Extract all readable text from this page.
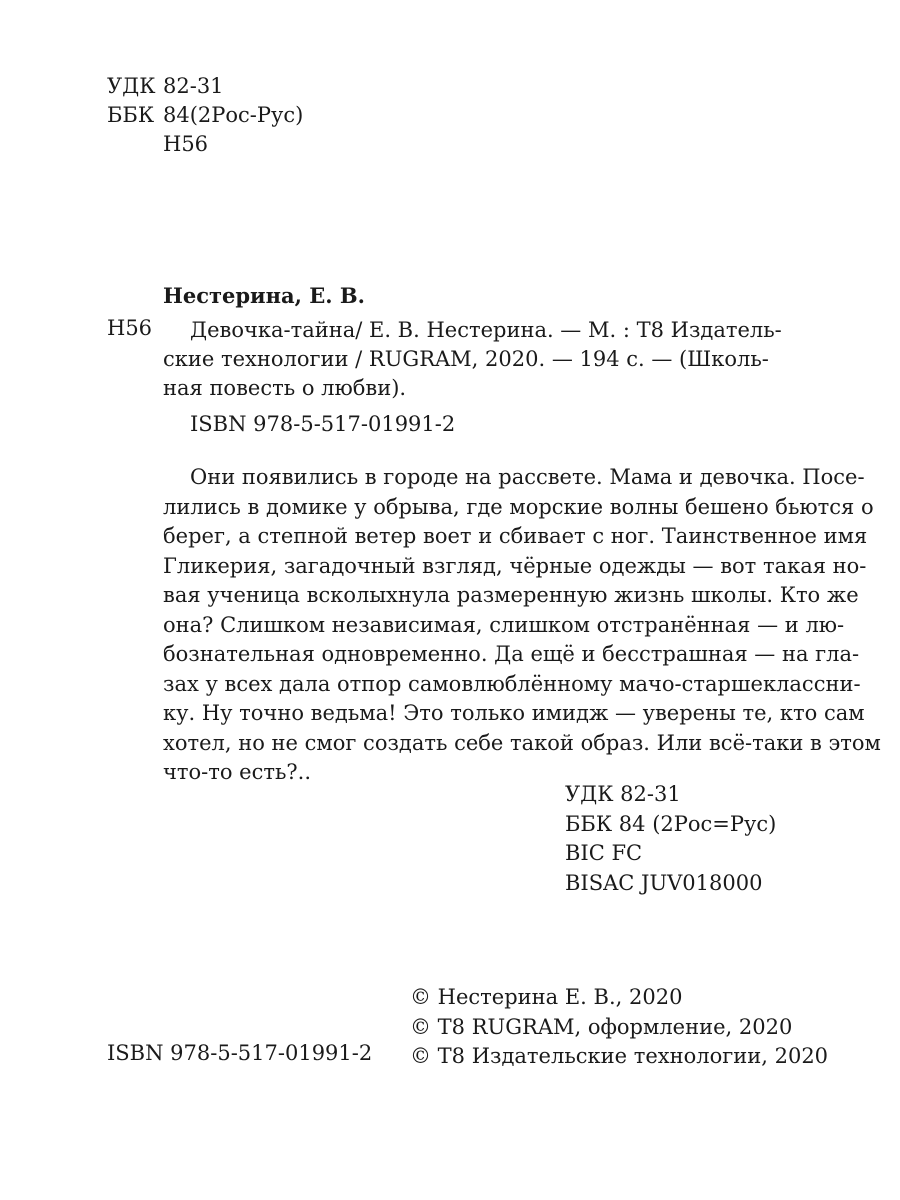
УДК 82-31
ББК 84(2Рос-Рус)
Н56
Нестерина, Е. В.
Н56 Девочка-тайна/ Е. В. Нестерина. — М. : Т8 Издатель-
ские технологии / RUGRAM, 2020. — 194 с. — (Школь-
ная повесть о любви).
ISBN 978-5-517-01991-2
Они появились в городе на рассвете. Мама и девочка. Посе-
лились в домике у обрыва, где морские волны бешено бьются о
берег, а степной ветер воет и сбивает с ног. Таинственное имя
Гликерия, загадочный взгляд, чёрные одежды — вот такая но-
вая ученица всколыхнула размеренную жизнь школы. Кто же
она? Слишком независимая, слишком отстранённая — и лю-
бознательная одновременно. Да ещё и бесстрашная — на гла-
зах у всех дала отпор самовлюблённому мачо-старшеклассни-
ку. Ну точно ведьма! Это только имидж — уверены те, кто сам
хотел, но не смог создать себе такой образ. Или всё-таки в этом
что-то есть?..
УДК 82-31
ББК 84 (2Рос=Рус)
BIC FC
BISAC JUV018000
© Нестерина Е. В., 2020
© T8 RUGRAM, оформление, 2020
© Т8 Издательские технологии, 2020
ISBN 978-5-517-01991-2
